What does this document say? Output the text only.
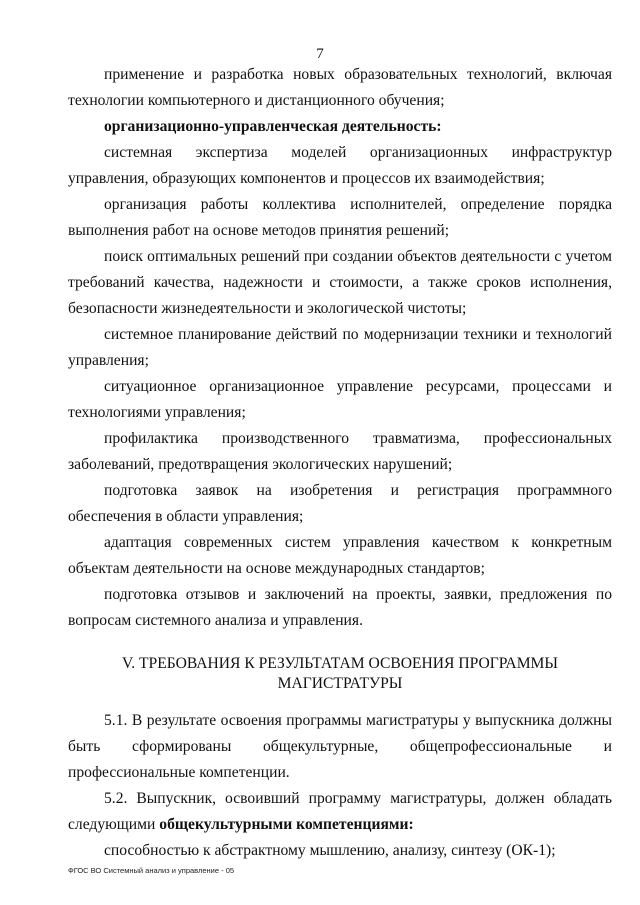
7

применение и разработка новых образовательных технологий, включая технологии компьютерного и дистанционного обучения;

организационно-управленческая деятельность:

системная экспертиза моделей организационных инфраструктур управления, образующих компонентов и процессов их взаимодействия;

организация работы коллектива исполнителей, определение порядка выполнения работ на основе методов принятия решений;

поиск оптимальных решений при создании объектов деятельности с учетом требований качества, надежности и стоимости, а также сроков исполнения, безопасности жизнедеятельности и экологической чистоты;

системное планирование действий по модернизации техники и технологий управления;

ситуационное организационное управление ресурсами, процессами и технологиями управления;

профилактика производственного травматизма, профессиональных заболеваний, предотвращения экологических нарушений;

подготовка заявок на изобретения и регистрация программного обеспечения в области управления;

адаптация современных систем управления качеством к конкретным объектам деятельности на основе международных стандартов;

подготовка отзывов и заключений на проекты, заявки, предложения по вопросам системного анализа и управления.

V. ТРЕБОВАНИЯ К РЕЗУЛЬТАТАМ ОСВОЕНИЯ ПРОГРАММЫ
МАГИСТРАТУРЫ

5.1. В результате освоения программы магистратуры у выпускника должны быть сформированы общекультурные, общепрофессиональные и профессиональные компетенции.

5.2. Выпускник, освоивший программу магистратуры, должен обладать следующими общекультурными компетенциями:

способностью к абстрактному мышлению, анализу, синтезу (ОК-1);

ФГОС ВО Системный анализ и управление - 05
